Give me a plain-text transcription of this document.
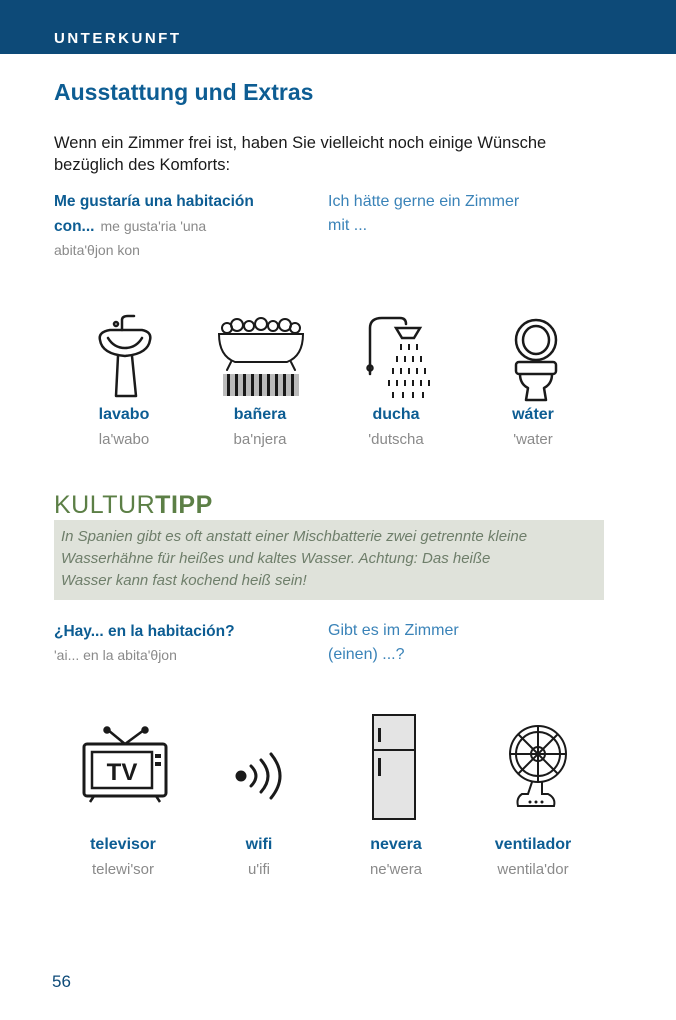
UNTERKUNFT
Ausstattung und Extras
Wenn ein Zimmer frei ist, haben Sie vielleicht noch einige Wünsche bezüglich des Komforts:
Me gustaría una habitación
con... me gusta'ria 'una
abita'θjon kon
Ich hätte gerne ein Zimmer
mit ...
lavabo
la'wabo
bañera
ba'njera
ducha
'dutscha
wáter
'water
KULTURTIPP
In Spanien gibt es oft anstatt einer Mischbatterie zwei getrennte kleine
Wasserhähne für heißes und kaltes Wasser. Achtung: Das heiße
Wasser kann fast kochend heiß sein!
¿Hay... en la habitación?
'ai... en la abita'θjon
Gibt es im Zimmer
(einen) ...?
TV
televisor
telewi'sor
wifi
u'ifi
nevera
ne'wera
ventilador
wentila'dor
56
